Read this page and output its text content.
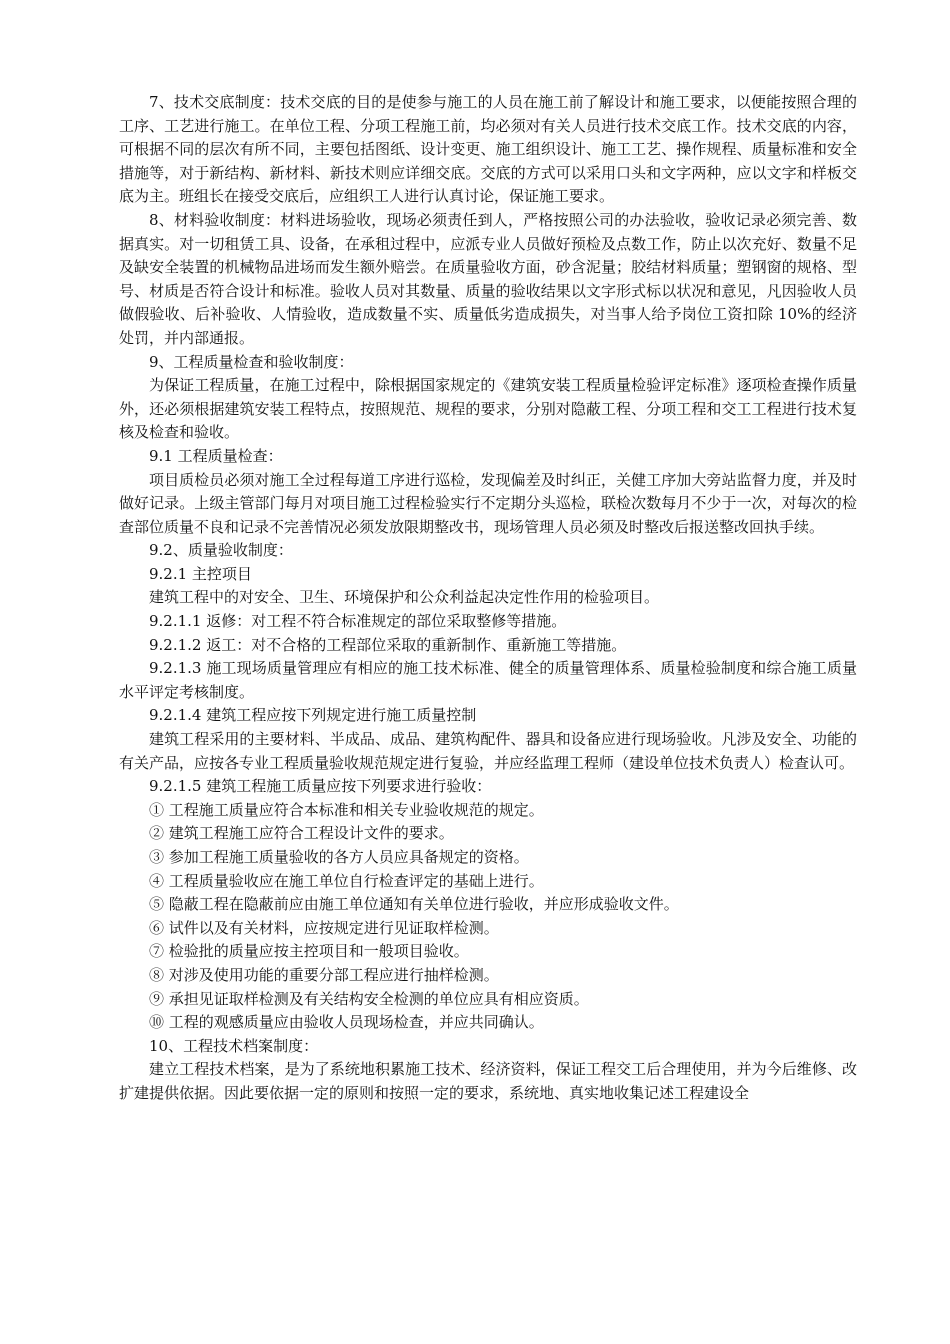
7、技术交底制度：技术交底的目的是使参与施工的人员在施工前了解设计和施工要求，以便能按照合理的工序、工艺进行施工。在单位工程、分项工程施工前，均必须对有关人员进行技术交底工作。技术交底的内容，可根据不同的层次有所不同，主要包括图纸、设计变更、施工组织设计、施工工艺、操作规程、质量标准和安全措施等，对于新结构、新材料、新技术则应详细交底。交底的方式可以采用口头和文字两种，应以文字和样板交底为主。班组长在接受交底后，应组织工人进行认真讨论，保证施工要求。

8、材料验收制度：材料进场验收，现场必须责任到人，严格按照公司的办法验收，验收记录必须完善、数据真实。对一切租赁工具、设备，在承租过程中，应派专业人员做好预检及点数工作，防止以次充好、数量不足及缺安全装置的机械物品进场而发生额外赔尝。在质量验收方面，砂含泥量；胶结材料质量；塑钢窗的规格、型号、材质是否符合设计和标准。验收人员对其数量、质量的验收结果以文字形式标以状况和意见，凡因验收人员做假验收、后补验收、人情验收，造成数量不实、质量低劣造成损失，对当事人给予岗位工资扣除 10%的经济处罚，并内部通报。

9、工程质量检查和验收制度：

为保证工程质量，在施工过程中，除根据国家规定的《建筑安装工程质量检验评定标准》逐项检查操作质量外，还必须根据建筑安装工程特点，按照规范、规程的要求，分别对隐蔽工程、分项工程和交工工程进行技术复核及检查和验收。

9.1 工程质量检查：

项目质检员必须对施工全过程每道工序进行巡检，发现偏差及时纠正，关健工序加大旁站监督力度，并及时做好记录。上级主管部门每月对项目施工过程检验实行不定期分头巡检，联检次数每月不少于一次，对每次的检查部位质量不良和记录不完善情况必须发放限期整改书，现场管理人员必须及时整改后报送整改回执手续。

9.2、质量验收制度：

9.2.1 主控项目

建筑工程中的对安全、卫生、环境保护和公众利益起决定性作用的检验项目。

9.2.1.1 返修：对工程不符合标准规定的部位采取整修等措施。

9.2.1.2 返工：对不合格的工程部位采取的重新制作、重新施工等措施。

9.2.1.3 施工现场质量管理应有相应的施工技术标准、健全的质量管理体系、质量检验制度和综合施工质量水平评定考核制度。

9.2.1.4 建筑工程应按下列规定进行施工质量控制

建筑工程采用的主要材料、半成品、成品、建筑构配件、器具和设备应进行现场验收。凡涉及安全、功能的有关产品，应按各专业工程质量验收规范规定进行复验，并应经监理工程师（建设单位技术负责人）检查认可。

9.2.1.5 建筑工程施工质量应按下列要求进行验收：

① 工程施工质量应符合本标准和相关专业验收规范的规定。

② 建筑工程施工应符合工程设计文件的要求。

③ 参加工程施工质量验收的各方人员应具备规定的资格。

④ 工程质量验收应在施工单位自行检查评定的基础上进行。

⑤ 隐蔽工程在隐蔽前应由施工单位通知有关单位进行验收，并应形成验收文件。

⑥ 试件以及有关材料，应按规定进行见证取样检测。

⑦ 检验批的质量应按主控项目和一般项目验收。

⑧ 对涉及使用功能的重要分部工程应进行抽样检测。

⑨ 承担见证取样检测及有关结构安全检测的单位应具有相应资质。

⑩ 工程的观感质量应由验收人员现场检查，并应共同确认。

10、工程技术档案制度：

建立工程技术档案，是为了系统地积累施工技术、经济资料，保证工程交工后合理使用，并为今后维修、改扩建提供依据。因此要依据一定的原则和按照一定的要求，系统地、真实地收集记述工程建设全
